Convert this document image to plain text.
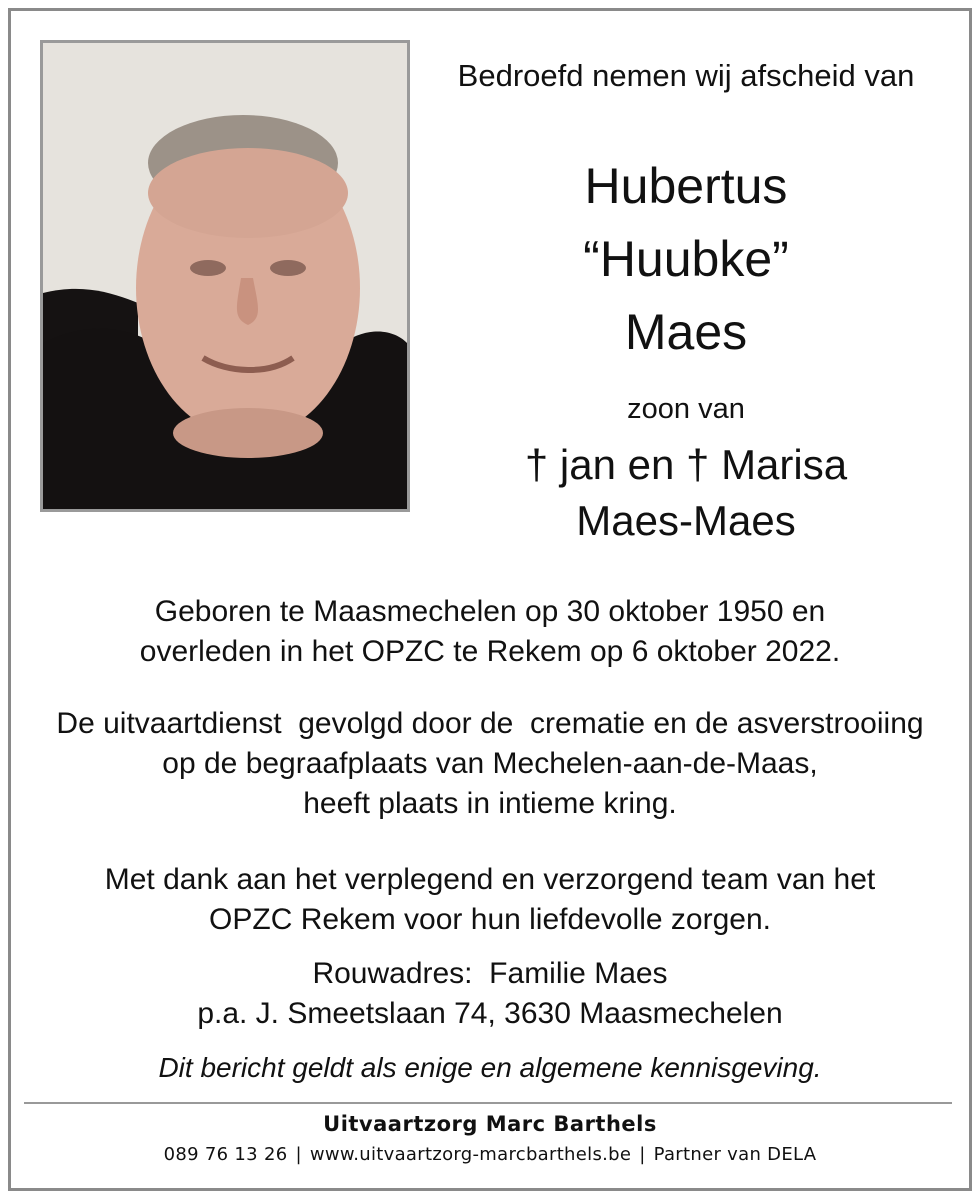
Bedroefd nemen wij afscheid van
Hubertus
“Huubke”
Maes
zoon van
† jan en † Marisa
Maes-Maes
Geboren te Maasmechelen op 30 oktober 1950 en
overleden in het OPZC te Rekem op 6 oktober 2022.
De uitvaartdienst  gevolgd door de  crematie en de asverstrooiing
op de begraafplaats van Mechelen-aan-de-Maas,
heeft plaats in intieme kring.
Met dank aan het verplegend en verzorgend team van het
OPZC Rekem voor hun liefdevolle zorgen.
Rouwadres:  Familie Maes
p.a. J. Smeetslaan 74, 3630 Maasmechelen
Dit bericht geldt als enige en algemene kennisgeving.
Uitvaartzorg Marc Barthels
089 76 13 26 | www.uitvaartzorg-marcbarthels.be | Partner van DELA
